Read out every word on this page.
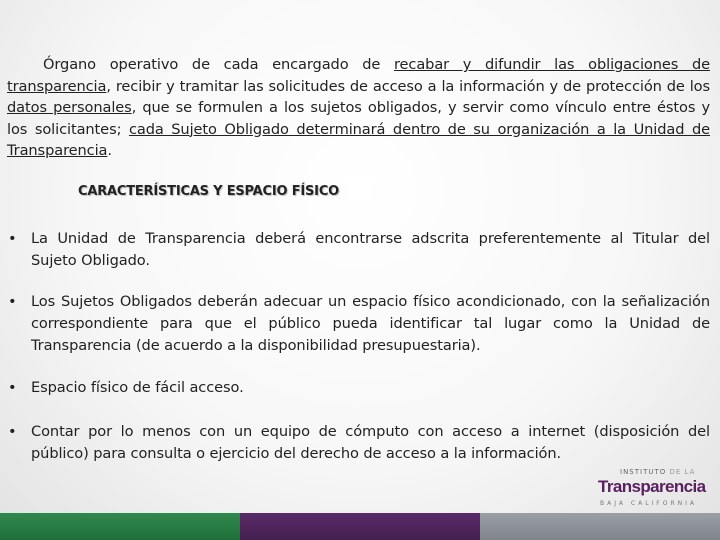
Órgano operativo de cada encargado de recabar y difundir las obligaciones de transparencia, recibir y tramitar las solicitudes de acceso a la información y de protección de los datos personales, que se formulen a los sujetos obligados, y servir como vínculo entre éstos y los solicitantes; cada Sujeto Obligado determinará dentro de su organización a la Unidad de Transparencia.

CARACTERÍSTICAS Y ESPACIO FÍSICO
• La Unidad de Transparencia deberá encontrarse adscrita preferentemente al Titular del Sujeto Obligado.
• Los Sujetos Obligados deberán adecuar un espacio físico acondicionado, con la señalización correspondiente para que el público pueda identificar tal lugar como la Unidad de Transparencia (de acuerdo a la disponibilidad presupuestaria).
• Espacio físico de fácil acceso.
• Contar por lo menos con un equipo de cómputo con acceso a internet (disposición del público) para consulta o ejercicio del derecho de acceso a la información.
INSTITUTO DE LA
Transparencia
BAJA CALIFORNIA
